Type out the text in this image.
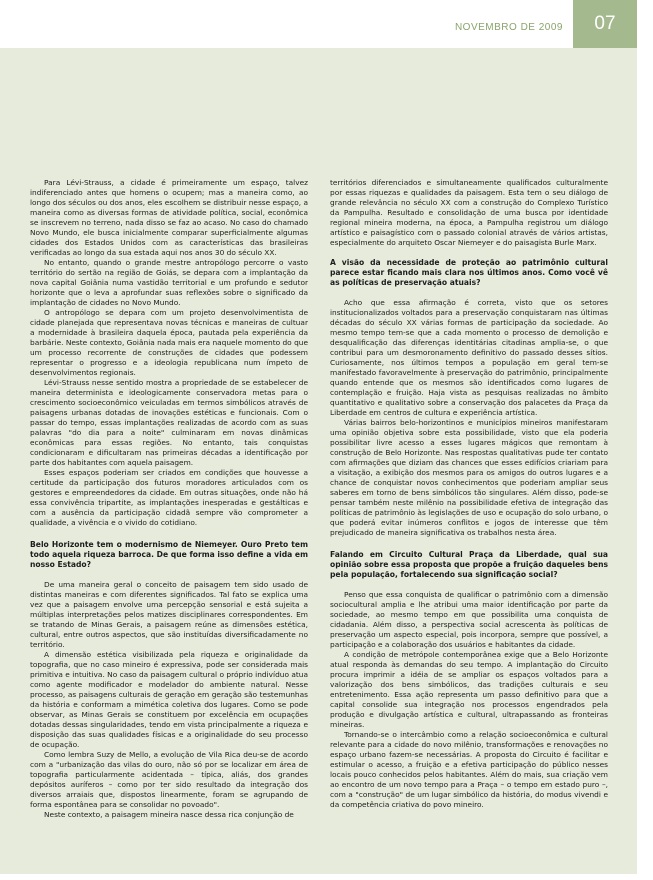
NOVEMBRO DE 2009	07

Para Lévi-Strauss, a cidade é primeiramente um espaço, talvez indiferenciado antes que homens o ocupem; mas a maneira como, ao longo dos séculos ou dos anos, eles escolhem se distribuir nesse espaço, a maneira como as diversas formas de atividade política, social, econômica se inscrevem no terreno, nada disso se faz ao acaso. No caso do chamado Novo Mundo, ele busca inicialmente comparar superficialmente algumas cidades dos Estados Unidos com as características das brasileiras verificadas ao longo da sua estada aqui nos anos 30 do século XX.

No entanto, quando o grande mestre antropólogo percorre o vasto território do sertão na região de Goiás, se depara com a implantação da nova capital Goiânia numa vastidão territorial e um profundo e sedutor horizonte que o leva a aprofundar suas reflexões sobre o significado da implantação de cidades no Novo Mundo.

O antropólogo se depara com um projeto desenvolvimentista de cidade planejada que representava novas técnicas e maneiras de cultuar a modernidade à brasileira daquela época, pautada pela experiência da barbárie. Neste contexto, Goiânia nada mais era naquele momento do que um processo recorrente de construções de cidades que podessem representar o progresso e a ideologia republicana num ímpeto de desenvolvimentos regionais.

Lévi-Strauss nesse sentido mostra a propriedade de se estabelecer de maneira determinista e ideologicamente conservadora metas para o crescimento socioeconômico veiculadas em termos simbólicos através de paisagens urbanas dotadas de inovações estéticas e funcionais. Com o passar do tempo, essas implantações realizadas de acordo com as suas palavras "do dia para a noite" culminaram em novas dinâmicas econômicas para essas regiões. No entanto, tais conquistas condicionaram e dificultaram nas primeiras décadas a identificação por parte dos habitantes com aquela paisagem.

Esses espaços poderiam ser criados em condições que houvesse a certitude da participação dos futuros moradores articulados com os gestores e empreendedores da cidade. Em outras situações, onde não há essa convivência tripartite, as implantações inesperadas e gestálticas e com a ausência da participação cidadã sempre vão comprometer a qualidade, a vivência e o vivido do cotidiano.

Belo Horizonte tem o modernismo de Niemeyer. Ouro Preto tem todo aquela riqueza barroca. De que forma isso define a vida em nosso Estado?

De uma maneira geral o conceito de paisagem tem sido usado de distintas maneiras e com diferentes significados. Tal fato se explica uma vez que a paisagem envolve uma percepção sensorial e está sujeita a múltiplas interpretações pelos matizes disciplinares correspondentes. Em se tratando de Minas Gerais, a paisagem reúne as dimensões estética, cultural, entre outros aspectos, que são instituídas diversificadamente no território.

A dimensão estética visibilizada pela riqueza e originalidade da topografia, que no caso mineiro é expressiva, pode ser considerada mais primitiva e intuitiva. No caso da paisagem cultural o próprio indivíduo atua como agente modificador e modelador do ambiente natural. Nesse processo, as paisagens culturais de geração em geração são testemunhas da história e conformam a mimética coletiva dos lugares. Como se pode observar, as Minas Gerais se constituem por excelência em ocupações dotadas dessas singularidades, tendo em vista principalmente a riqueza e disposição das suas qualidades físicas e a originalidade do seu processo de ocupação.

Como lembra Suzy de Mello, a evolução de Vila Rica deu-se de acordo com a "urbanização das vilas do ouro, não só por se localizar em área de topografia particularmente acidentada – típica, aliás, dos grandes depósitos auríferos – como por ter sido resultado da integração dos diversos arraiais que, dispostos linearmente, foram se agrupando de forma espontânea para se consolidar no povoado".

Neste contexto, a paisagem mineira nasce dessa rica conjunção de

territórios diferenciados e simultaneamente qualificados culturalmente por essas riquezas e qualidades da paisagem. Esta tem o seu diálogo de grande relevância no século XX com a construção do Complexo Turístico da Pampulha. Resultado e consolidação de uma busca por identidade regional mineira moderna, na época, a Pampulha registrou um diálogo artístico e paisagístico com o passado colonial através de vários artistas, especialmente do arquiteto Oscar Niemeyer e do paisagista Burle Marx.

A visão da necessidade de proteção ao patrimônio cultural parece estar ficando mais clara nos últimos anos. Como você vê as políticas de preservação atuais?

Acho que essa afirmação é correta, visto que os setores institucionalizados voltados para a preservação conquistaram nas últimas décadas do século XX várias formas de participação da sociedade. Ao mesmo tempo tem-se que a cada momento o processo de demolição e desqualificação das diferenças identitárias citadinas amplia-se, o que contribui para um desmoronamento definitivo do passado desses sítios. Curiosamente, nos últimos tempos a população em geral tem-se manifestado favoravelmente à preservação do patrimônio, principalmente quando entende que os mesmos são identificados como lugares de contemplação e fruição. Haja vista as pesquisas realizadas no âmbito quantitativo e qualitativo sobre a conservação dos palacetes da Praça da Liberdade em centros de cultura e experiência artística.

Várias bairros belo-horizontinos e municípios mineiros manifestaram uma opinião objetiva sobre esta possibilidade, visto que ela poderia possibilitar livre acesso a esses lugares mágicos que remontam à construção de Belo Horizonte. Nas respostas qualitativas pude ter contato com afirmações que diziam das chances que esses edifícios criariam para a visitação, a exibição dos mesmos para os amigos do outros lugares e a chance de conquistar novos conhecimentos que poderiam ampliar seus saberes em torno de bens simbólicos tão singulares. Além disso, pode-se pensar também neste milênio na possibilidade efetiva de integração das políticas de patrimônio às legislações de uso e ocupação do solo urbano, o que poderá evitar inúmeros conflitos e jogos de interesse que têm prejudicado de maneira significativa os trabalhos nesta área.

Falando em Circuito Cultural Praça da Liberdade, qual sua opinião sobre essa proposta que propõe a fruição daqueles bens pela população, fortalecendo sua significação social?

Penso que essa conquista de qualificar o patrimônio com a dimensão sociocultural amplia e lhe atribui uma maior identificação por parte da sociedade, ao mesmo tempo em que possibilita uma conquista de cidadania. Além disso, a perspectiva social acrescenta às políticas de preservação um aspecto especial, pois incorpora, sempre que possível, a participação e a colaboração dos usuários e habitantes da cidade.

A condição de metrópole contemporânea exige que a Belo Horizonte atual responda às demandas do seu tempo. A implantação do Circuito procura imprimir a idéia de se ampliar os espaços voltados para a valorização dos bens simbólicos, das tradições culturais e seu entretenimento. Essa ação representa um passo definitivo para que a capital consolide sua integração nos processos engendrados pela produção e divulgação artística e cultural, ultrapassando as fronteiras mineiras.

Tornando-se o intercâmbio como a relação socioeconômica e cultural relevante para a cidade do novo milênio, transformações e renovações no espaço urbano fazem-se necessárias. A proposta do Circuito é facilitar e estimular o acesso, a fruição e a efetiva participação do público nesses locais pouco conhecidos pelos habitantes. Além do mais, sua criação vem ao encontro de um novo tempo para a Praça – o tempo em estado puro –, com a "construção" de um lugar simbólico da história, do modus vivendi e da competência criativa do povo mineiro.
